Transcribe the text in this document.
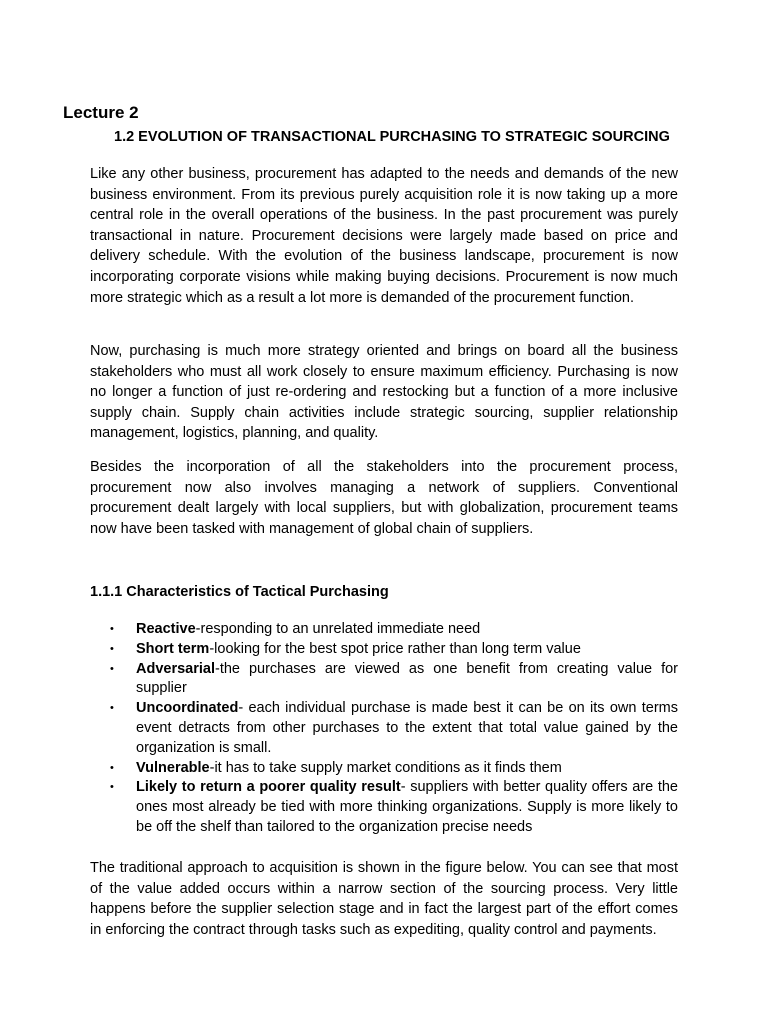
Lecture 2
1.2 EVOLUTION OF TRANSACTIONAL PURCHASING TO STRATEGIC SOURCING

Like any other business, procurement has adapted to the needs and demands of the new business environment. From its previous purely acquisition role it is now taking up a more central role in the overall operations of the business. In the past procurement was purely transactional in nature. Procurement decisions were largely made based on price and delivery schedule. With the evolution of the business landscape, procurement is now incorporating corporate visions while making buying decisions. Procurement is now much more strategic which as a result a lot more is demanded of the procurement function.

Now, purchasing is much more strategy oriented and brings on board all the business stakeholders who must all work closely to ensure maximum efficiency. Purchasing is now no longer a function of just re-ordering and restocking but a function of a more inclusive supply chain. Supply chain activities include strategic sourcing, supplier relationship management, logistics, planning, and quality.

Besides the incorporation of all the stakeholders into the procurement process, procurement now also involves managing a network of suppliers. Conventional procurement dealt largely with local suppliers, but with globalization, procurement teams now have been tasked with management of global chain of suppliers.

1.1.1 Characteristics of Tactical Purchasing
• Reactive-responding to an unrelated immediate need
• Short term-looking for the best spot price rather than long term value
• Adversarial-the purchases are viewed as one benefit from creating value for supplier
• Uncoordinated- each individual purchase is made best it can be on its own terms event detracts from other purchases to the extent that total value gained by the organization is small.
• Vulnerable-it has to take supply market conditions as it finds them
• Likely to return a poorer quality result- suppliers with better quality offers are the ones most already be tied with more thinking organizations. Supply is more likely to be off the shelf than tailored to the organization precise needs

The traditional approach to acquisition is shown in the figure below. You can see that most of the value added occurs within a narrow section of the sourcing process. Very little happens before the supplier selection stage and in fact the largest part of the effort comes in enforcing the contract through tasks such as expediting, quality control and payments.
